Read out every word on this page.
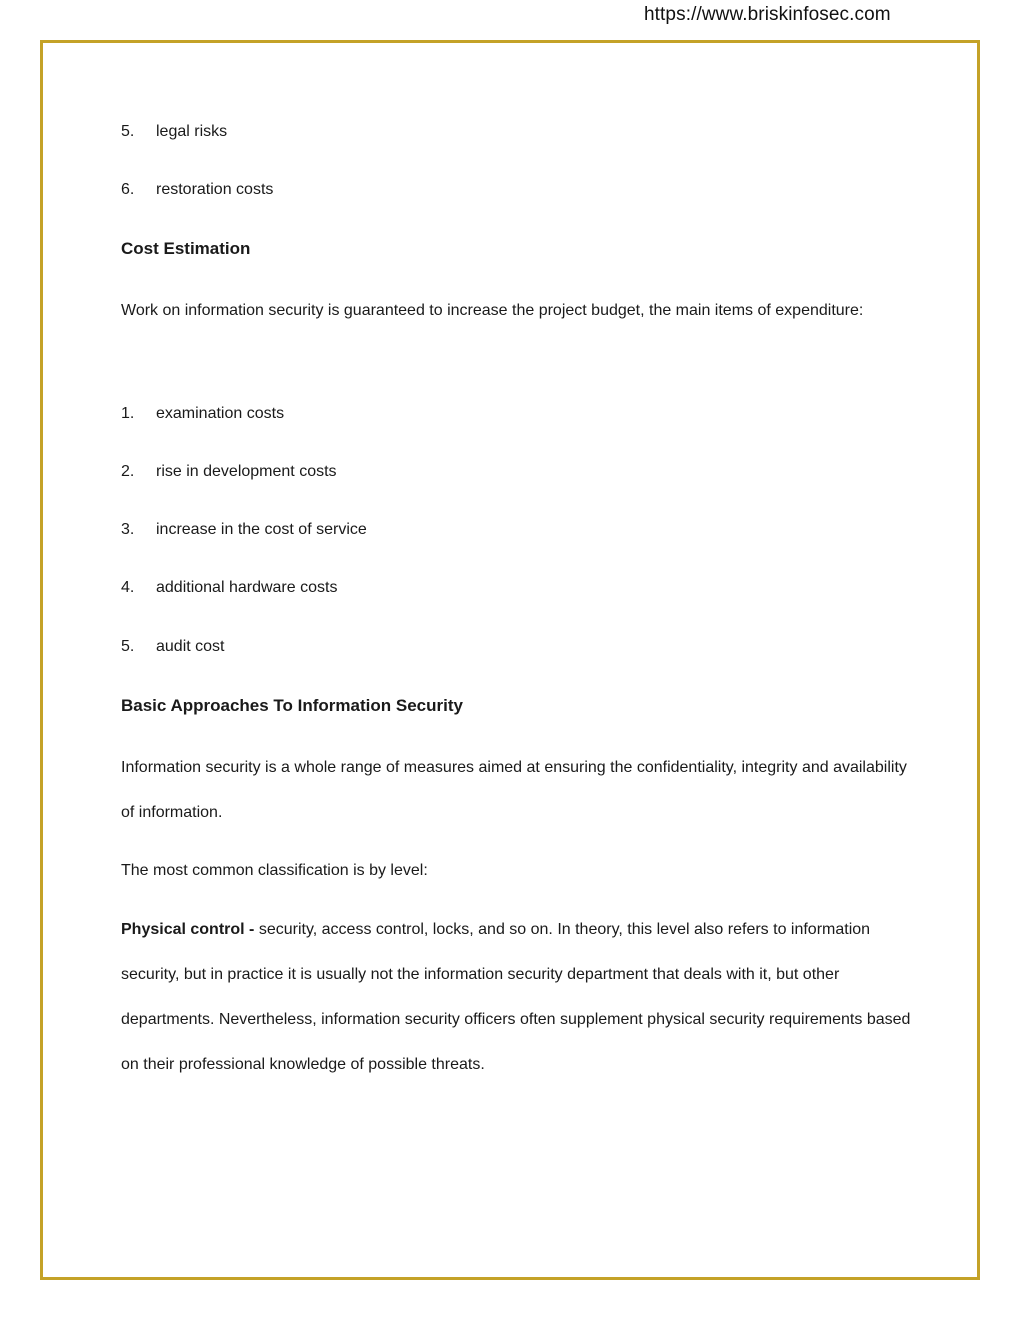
https://www.briskinfosec.com
5. legal risks
6. restoration costs
Cost Estimation
Work on information security is guaranteed to increase the project budget, the main items of expenditure:
1. examination costs
2. rise in development costs
3. increase in the cost of service
4. additional hardware costs
5. audit cost
Basic Approaches To Information Security
Information security is a whole range of measures aimed at ensuring the confidentiality, integrity and availability of information.
The most common classification is by level:
Physical control - security, access control, locks, and so on. In theory, this level also refers to information security, but in practice it is usually not the information security department that deals with it, but other departments. Nevertheless, information security officers often supplement physical security requirements based on their professional knowledge of possible threats.
